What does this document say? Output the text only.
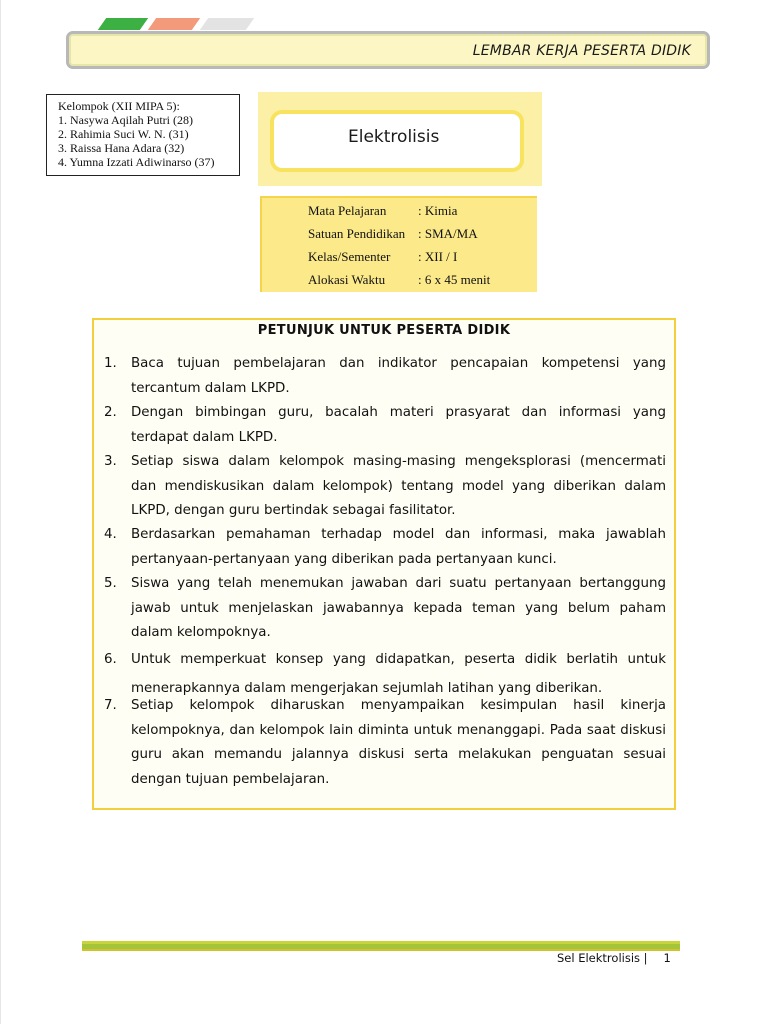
LEMBAR KERJA PESERTA DIDIK
Kelompok (XII MIPA 5):
1. Nasywa Aqilah Putri (28)
2. Rahimia Suci W. N. (31)
3. Raissa Hana Adara (32)
4. Yumna Izzati Adiwinarso (37)
Elektrolisis
Mata Pelajaran : Kimia
Satuan Pendidikan : SMA/MA
Kelas/Sementer : XII / I
Alokasi Waktu	: 6 x 45 menit
PETUNJUK UNTUK PESERTA DIDIK
1. Baca tujuan pembelajaran dan indikator pencapaian kompetensi yang tercantum dalam LKPD.
2. Dengan bimbingan guru, bacalah materi prasyarat dan informasi yang terdapat dalam LKPD.
3. Setiap siswa dalam kelompok masing-masing mengeksplorasi (mencermati dan mendiskusikan dalam kelompok) tentang model yang diberikan dalam LKPD, dengan guru bertindak sebagai fasilitator.
4. Berdasarkan pemahaman terhadap model dan informasi, maka jawablah pertanyaan-pertanyaan yang diberikan pada pertanyaan kunci.
5. Siswa yang telah menemukan jawaban dari suatu pertanyaan bertanggung jawab untuk menjelaskan jawabannya kepada teman yang belum paham dalam kelompoknya.
6. Untuk memperkuat konsep yang didapatkan, peserta didik berlatih untuk menerapkannya dalam mengerjakan sejumlah latihan yang diberikan.
7. Setiap kelompok diharuskan menyampaikan kesimpulan hasil kinerja kelompoknya, dan kelompok lain diminta untuk menanggapi. Pada saat diskusi guru akan memandu jalannya diskusi serta melakukan penguatan sesuai dengan tujuan pembelajaran.
Sel Elektrolisis | 1
